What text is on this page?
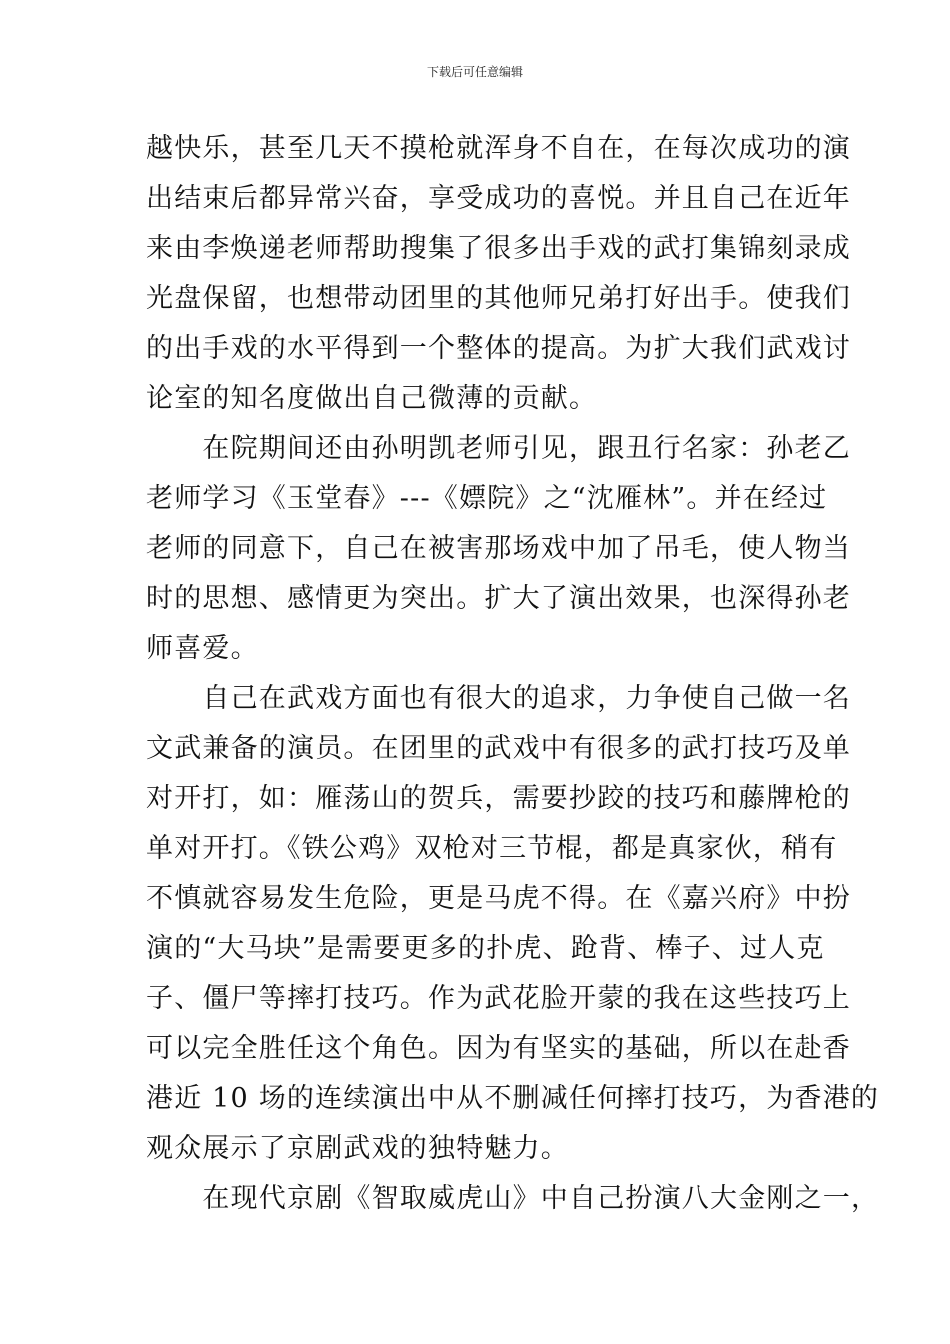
下载后可任意编辑
越快乐，甚至几天不摸枪就浑身不自在，在每次成功的演
出结束后都异常兴奋，享受成功的喜悦。并且自己在近年
来由李焕递老师帮助搜集了很多出手戏的武打集锦刻录成
光盘保留，也想带动团里的其他师兄弟打好出手。使我们
的出手戏的水平得到一个整体的提高。为扩大我们武戏讨
论室的知名度做出自己微薄的贡献。
　　在院期间还由孙明凯老师引见，跟丑行名家：孙老乙
老师学习《玉堂春》---《嫖院》之“沈雁林”。并在经过
老师的同意下，自己在被害那场戏中加了吊毛，使人物当
时的思想、感情更为突出。扩大了演出效果，也深得孙老
师喜爱。
　　自己在武戏方面也有很大的追求，力争使自己做一名
文武兼备的演员。在团里的武戏中有很多的武打技巧及单
对开打，如：雁荡山的贺兵，需要抄跤的技巧和藤牌枪的
单对开打。《铁公鸡》双枪对三节棍，都是真家伙，稍有
不慎就容易发生危险，更是马虎不得。在《嘉兴府》中扮
演的“大马块”是需要更多的扑虎、跄背、棒子、过人克
子、僵尸等摔打技巧。作为武花脸开蒙的我在这些技巧上
可以完全胜任这个角色。因为有坚实的基础，所以在赴香
港近 10 场的连续演出中从不删减任何摔打技巧，为香港的
观众展示了京剧武戏的独特魅力。
　　在现代京剧《智取威虎山》中自己扮演八大金刚之一，
